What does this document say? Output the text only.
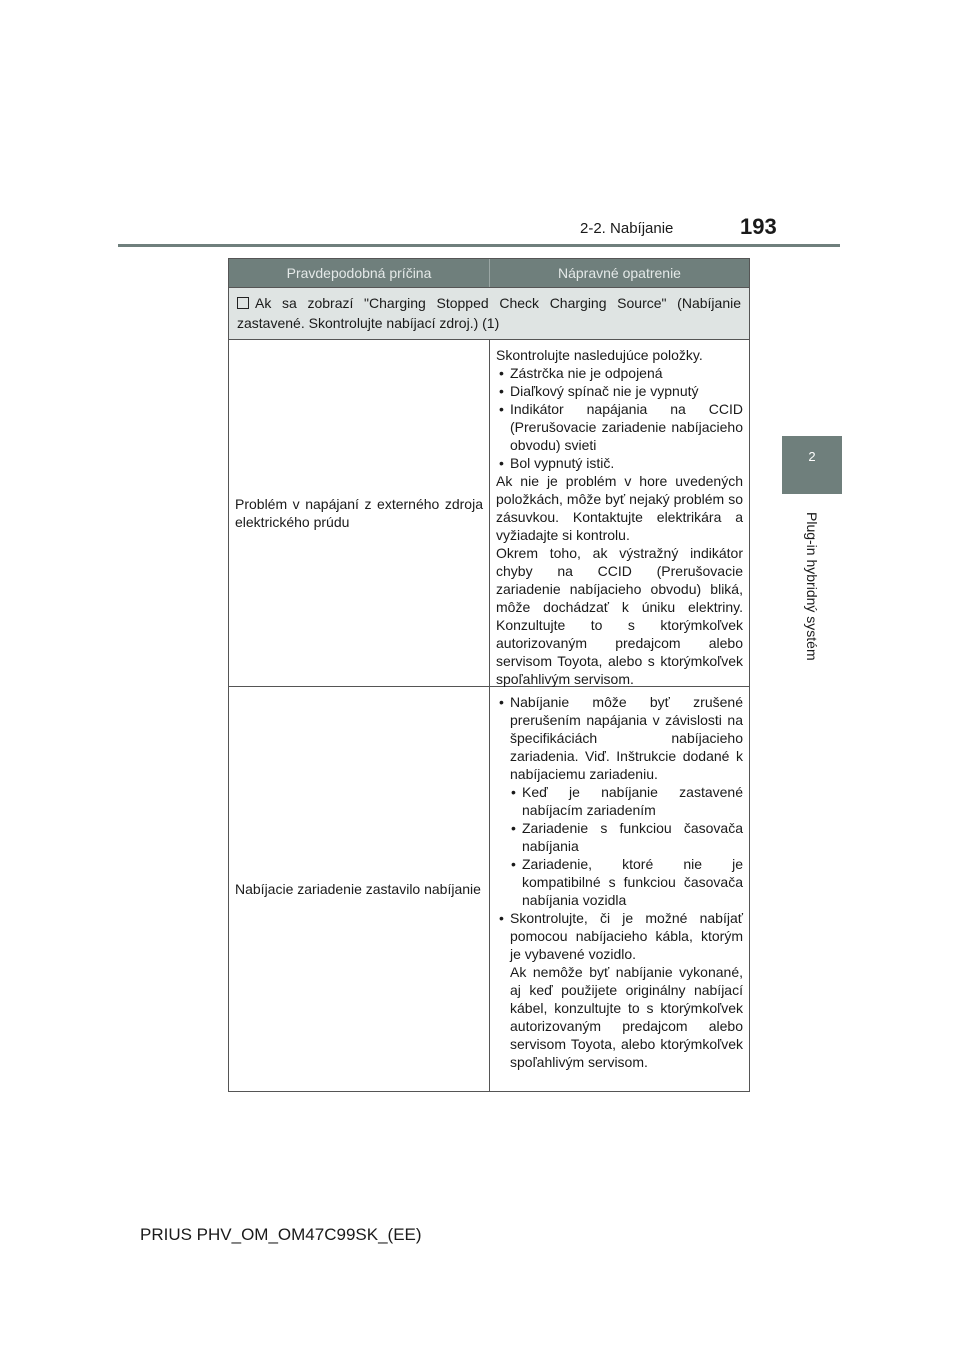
2-2. Nabíjanie	193
2
Plug-in hybridný systém
Pravdepodobná príčina	Nápravné opatrenie
Ak sa zobrazí "Charging Stopped Check Charging Source" (Nabíjanie zastavené. Skontrolujte nabíjací zdroj.) (1)

Problém v napájaní z externého zdroja elektrického prúdu

Skontrolujte nasledujúce položky.

• Zástrčka nie je odpojená

• Diaľkový spínač nie je vypnutý

• Indikátor napájania na CCID (Prerušovacie zariadenie nabíjacieho obvodu) svieti

• Bol vypnutý istič.

Ak nie je problém v hore uvedených položkách, môže byť nejaký problém so zásuvkou. Kontaktujte elektrikára a vyžiadajte si kontrolu.

Okrem toho, ak výstražný indikátor chyby na CCID (Prerušovacie zariadenie nabíjacieho obvodu) bliká, môže dochádzať k úniku elektriny. Konzultujte to s ktorýmkoľvek autorizovaným predajcom alebo servisom Toyota, alebo s ktorýmkoľvek spoľahlivým servisom.

Nabíjacie zariadenie zastavilo nabíjanie

• Nabíjanie môže byť zrušené prerušením napájania v závislosti na špecifikáciách nabíjacieho zariadenia. Viď. Inštrukcie dodané k nabíjaciemu zariadeniu.

• Keď je nabíjanie zastavené nabíjacím zariadením

• Zariadenie s funkciou časovača nabíjania

• Zariadenie, ktoré nie je kompatibilné s funkciou časovača nabíjania vozidla

• Skontrolujte, či je možné nabíjať pomocou nabíjacieho kábla, ktorým je vybavené vozidlo.

Ak nemôže byť nabíjanie vykonané, aj keď použijete originálny nabíjací kábel, konzultujte to s ktorýmkoľvek autorizovaným predajcom alebo servisom Toyota, alebo ktorýmkoľvek spoľahlivým servisom.

PRIUS PHV_OM_OM47C99SK_(EE)
